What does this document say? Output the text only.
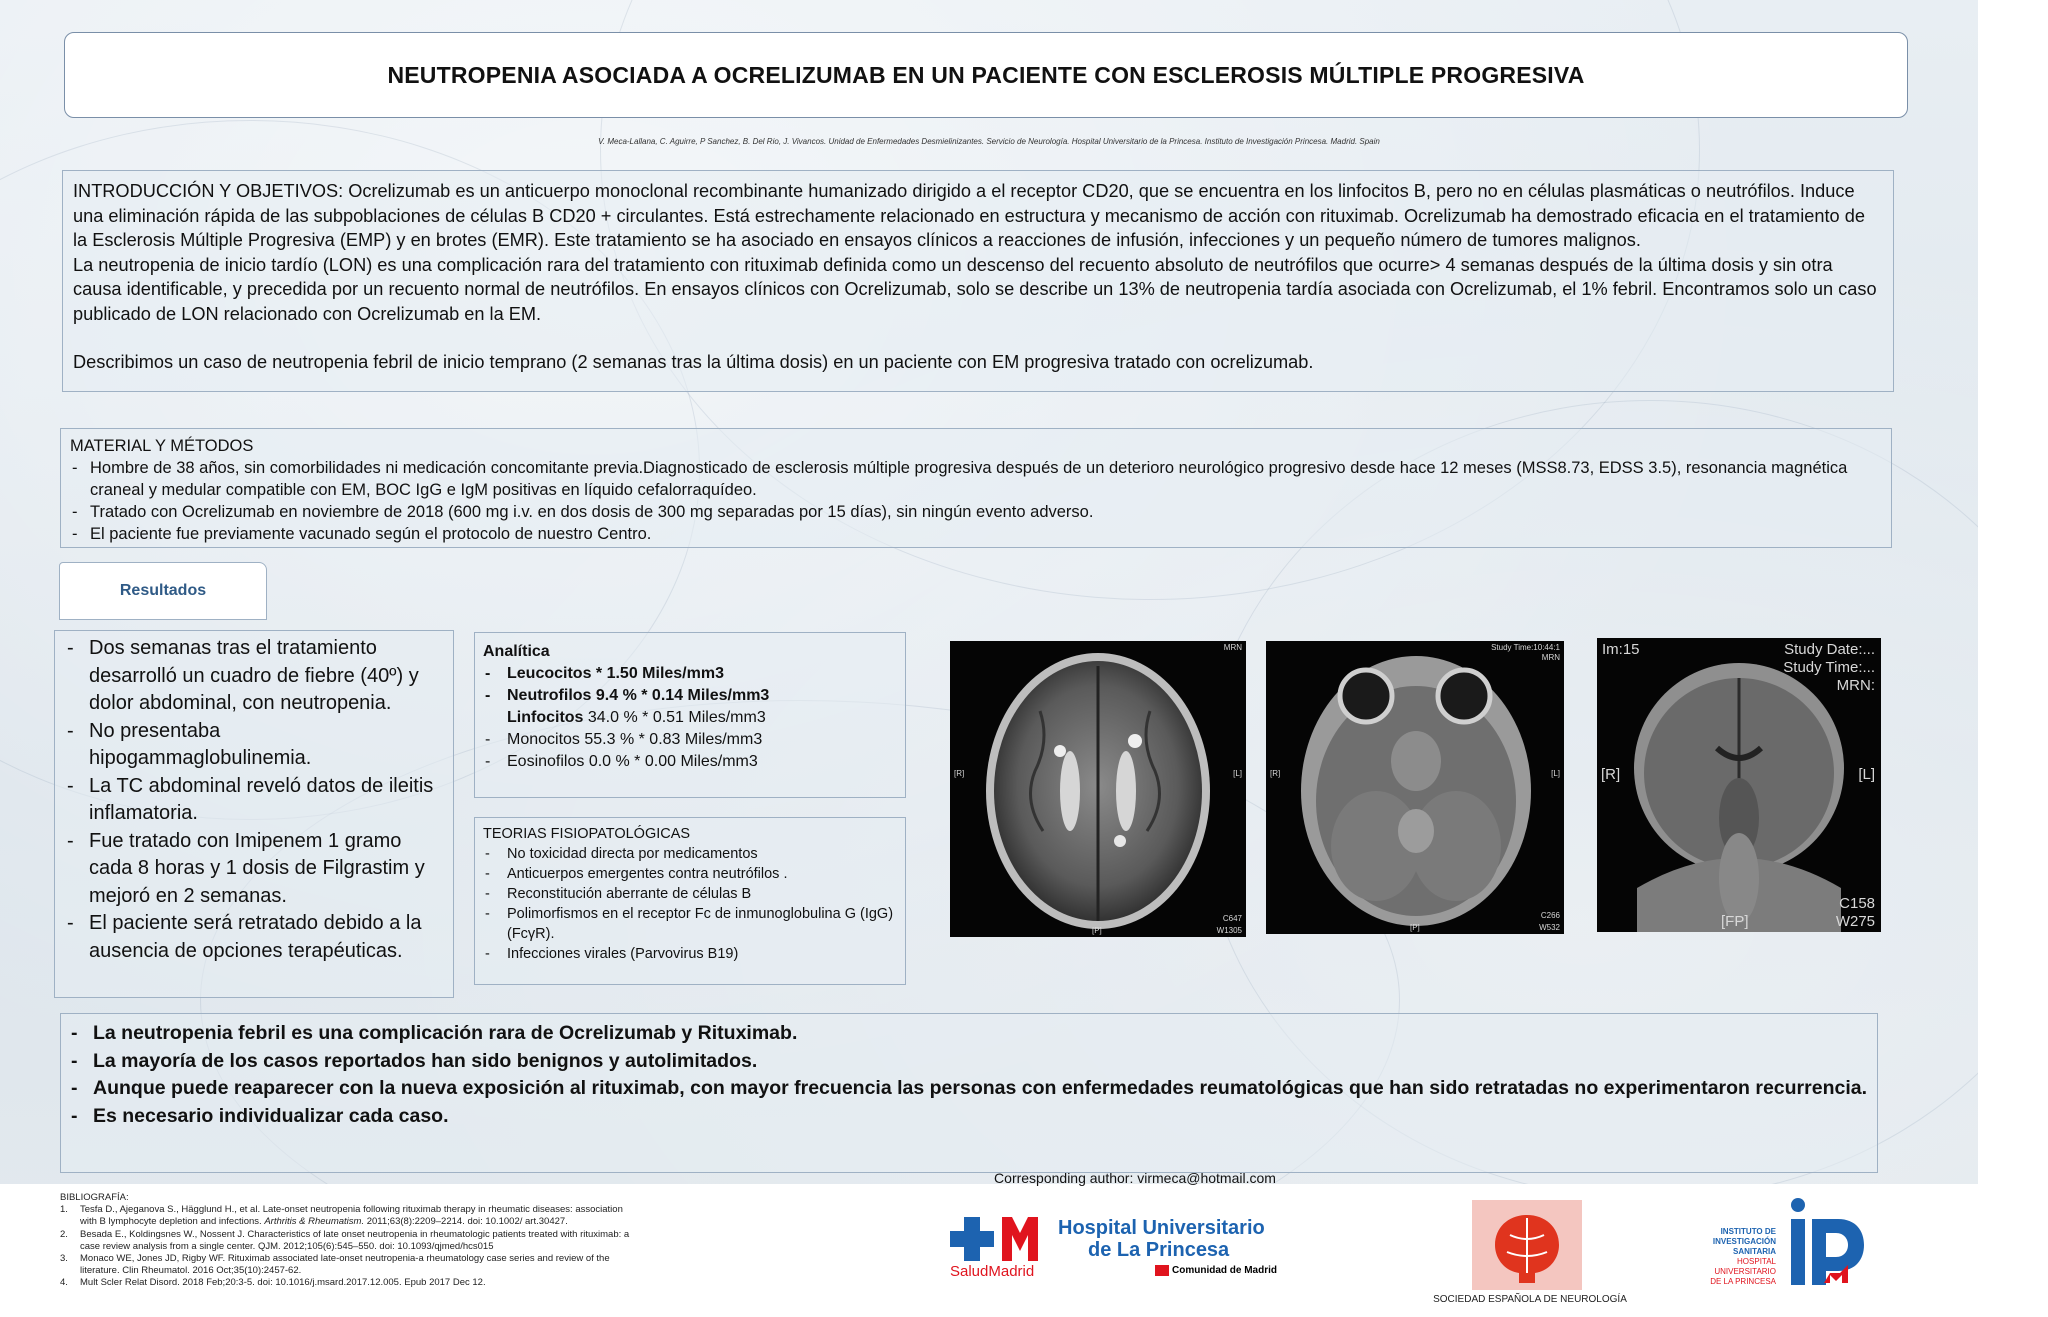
NEUTROPENIA ASOCIADA A OCRELIZUMAB EN UN PACIENTE CON ESCLEROSIS MÚLTIPLE PROGRESIVA
V. Meca-Lallana, C. Aguirre, P Sanchez, B. Del Rio, J. Vivancos. Unidad de Enfermedades Desmielinizantes. Servicio de Neurología. Hospital Universitario de la Princesa. Instituto de Investigación Princesa. Madrid. Spain

INTRODUCCIÓN Y OBJETIVOS: Ocrelizumab es un anticuerpo monoclonal recombinante humanizado dirigido a el receptor CD20, que se encuentra en los linfocitos B, pero no en células plasmáticas o neutrófilos. Induce una eliminación rápida de las subpoblaciones de células B CD20 + circulantes. Está estrechamente relacionado en estructura y mecanismo de acción con rituximab. Ocrelizumab ha demostrado eficacia en el tratamiento de la Esclerosis Múltiple Progresiva (EMP) y en brotes (EMR). Este tratamiento se ha asociado en ensayos clínicos a reacciones de infusión, infecciones y un pequeño número de tumores malignos.

La neutropenia de inicio tardío (LON) es una complicación rara del tratamiento con rituximab definida como un descenso del recuento absoluto de neutrófilos que ocurre> 4 semanas después de la última dosis y sin otra causa identificable, y precedida por un recuento normal de neutrófilos. En ensayos clínicos con Ocrelizumab, solo se describe un 13% de neutropenia tardía asociada con Ocrelizumab, el 1% febril. Encontramos solo un caso publicado de LON relacionado con Ocrelizumab en la EM.

Describimos un caso de neutropenia febril de inicio temprano (2 semanas tras la última dosis) en un paciente con EM progresiva tratado con ocrelizumab.

MATERIAL Y MÉTODOS
- Hombre de 38 años, sin comorbilidades ni medicación concomitante previa.Diagnosticado de esclerosis múltiple progresiva después de un deterioro neurológico progresivo desde hace 12 meses (MSS8.73, EDSS 3.5), resonancia magnética craneal y medular compatible con EM, BOC IgG e IgM positivas en líquido cefalorraquídeo.
- Tratado con Ocrelizumab en noviembre de 2018 (600 mg i.v. en dos dosis de 300 mg separadas por 15 días), sin ningún evento adverso.
- El paciente fue previamente vacunado según el protocolo de nuestro Centro.
Resultados
- Dos semanas tras el tratamiento desarrolló un cuadro de fiebre (40º) y dolor abdominal, con neutropenia.
- No presentaba hipogammaglobulinemia.
- La TC abdominal reveló datos de ileitis inflamatoria.
- Fue tratado con Imipenem 1 gramo cada 8 horas y 1 dosis de Filgrastim y mejoró en 2 semanas.
- El paciente será retratado debido a la ausencia de opciones terapéuticas.
Analítica
- Leucocitos * 1.50 Miles/mm3
- Neutrofilos 9.4 % * 0.14 Miles/mm3
Linfocitos 34.0 % * 0.51 Miles/mm3
- Monocitos 55.3 % * 0.83 Miles/mm3
- Eosinofilos 0.0 % * 0.00 Miles/mm3
TEORIAS FISIOPATOLÓGICAS
- No toxicidad directa por medicamentos
- Anticuerpos emergentes contra neutrófilos .
- Reconstitución aberrante de células B
- Polimorfismos en el receptor Fc de inmunoglobulina G (IgG) (FcγR).
- Infecciones virales (Parvovirus B19)
MRN
[R]	[L]
[P]
C647
W1305
Study Time:10:44:1
MRN
[R]	[L]
[P]
C266
W532
Im:15	Study Date:...
Study Time:...
MRN:
[R]	[L]
[FP]
C158
W275
- La neutropenia febril es una complicación rara de Ocrelizumab y Rituximab.
- La mayoría de los casos reportados han sido benignos y autolimitados.
- Aunque puede reaparecer con la nueva exposición al rituximab, con mayor frecuencia las personas con enfermedades reumatológicas que han sido retratadas no experimentaron recurrencia.
- Es necesario individualizar cada caso.
Corresponding author: virmeca@hotmail.com
BIBLIOGRAFÍA:
1. Tesfa D., Ajeganova S., Hägglund H., et al. Late-onset neutropenia following rituximab therapy in rheumatic diseases: association with B lymphocyte depletion and infections. Arthritis & Rheumatism. 2011;63(8):2209–2214. doi: 10.1002/ art.30427.
2. Besada E., Koldingsnes W., Nossent J. Characteristics of late onset neutropenia in rheumatologic patients treated with rituximab: a case review analysis from a single center. QJM. 2012;105(6):545–550. doi: 10.1093/qjmed/hcs015
3. Monaco WE, Jones JD, Rigby WF. Rituximab associated late-onset neutropenia-a rheumatology case series and review of the literature. Clin Rheumatol. 2016 Oct;35(10):2457-62.
4. Mult Scler Relat Disord. 2018 Feb;20:3-5. doi: 10.1016/j.msard.2017.12.005. Epub 2017 Dec 12.
Hospital Universitario
de La Princesa
SaludMadrid	Comunidad de Madrid
SOCIEDAD ESPAÑOLA DE NEUROLOGÍA
INSTITUTO DE
INVESTIGACIÓN
SANITARIA
HOSPITAL
UNIVERSITARIO
DE LA PRINCESA
